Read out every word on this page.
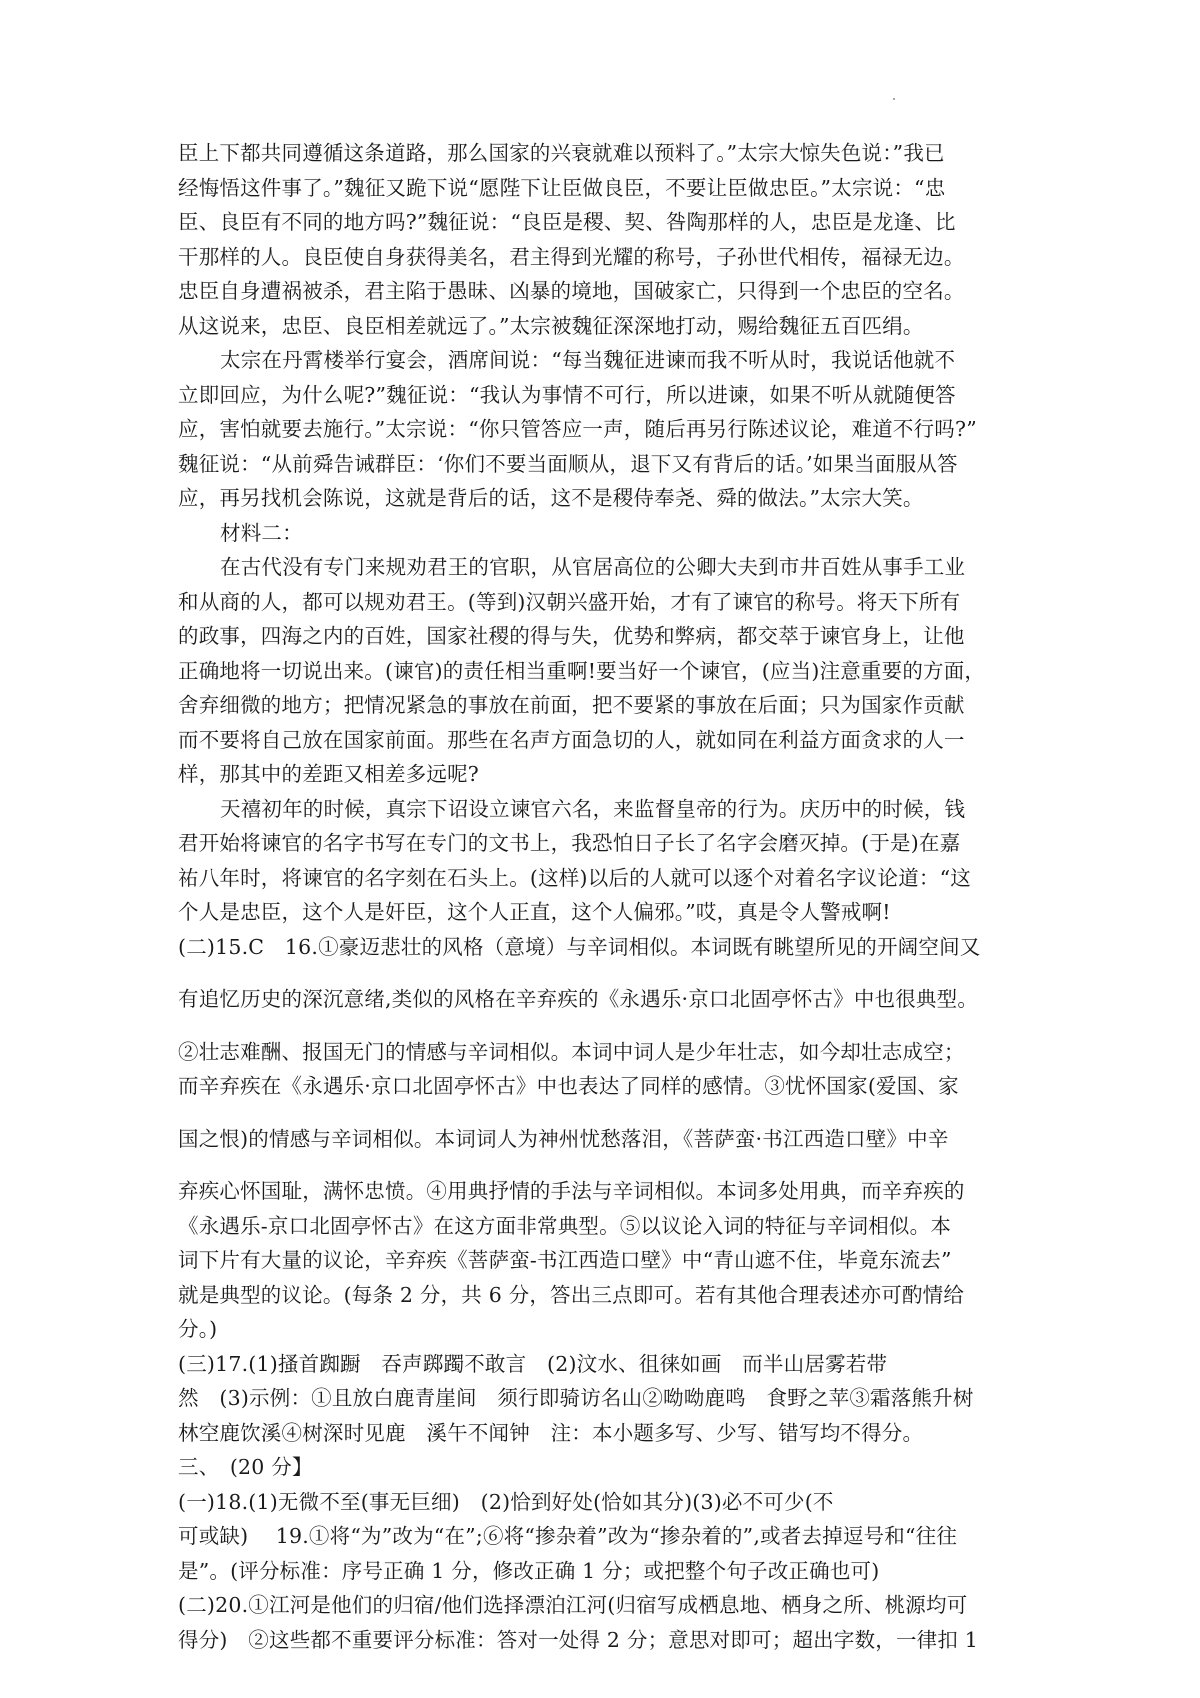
臣上下都共同遵循这条道路，那么国家的兴衰就难以预料了。”太宗大惊失色说：”我已
经悔悟这件事了。”魏征又跪下说“愿陛下让臣做良臣，不要让臣做忠臣。”太宗说：“忠
臣、良臣有不同的地方吗?”魏征说：“良臣是稷、契、咎陶那样的人，忠臣是龙逢、比
干那样的人。良臣使自身获得美名，君主得到光耀的称号，子孙世代相传，福禄无边。
忠臣自身遭祸被杀，君主陷于愚昧、凶暴的境地，国破家亡，只得到一个忠臣的空名。
从这说来，忠臣、良臣相差就远了。”太宗被魏征深深地打动，赐给魏征五百匹绢。
太宗在丹霄楼举行宴会，酒席间说：“每当魏征进谏而我不听从时，我说话他就不
立即回应，为什么呢?”魏征说：“我认为事情不可行，所以进谏，如果不听从就随便答
应，害怕就要去施行。”太宗说：“你只管答应一声，随后再另行陈述议论，难道不行吗?”
魏征说：“从前舜告诫群臣：‘你们不要当面顺从，退下又有背后的话。’如果当面服从答
应，再另找机会陈说，这就是背后的话，这不是稷侍奉尧、舜的做法。”太宗大笑。
材料二：
在古代没有专门来规劝君王的官职，从官居高位的公卿大夫到市井百姓从事手工业
和从商的人，都可以规劝君王。(等到)汉朝兴盛开始，才有了谏官的称号。将天下所有
的政事，四海之内的百姓，国家社稷的得与失，优势和弊病，都交萃于谏官身上，让他
正确地将一切说出来。(谏官)的责任相当重啊!要当好一个谏官，(应当)注意重要的方面，
舍弃细微的地方；把情况紧急的事放在前面，把不要紧的事放在后面；只为国家作贡献
而不要将自己放在国家前面。那些在名声方面急切的人，就如同在利益方面贪求的人一
样，那其中的差距又相差多远呢?
天禧初年的时候，真宗下诏设立谏官六名，来监督皇帝的行为。庆历中的时候，钱
君开始将谏官的名字书写在专门的文书上，我恐怕日子长了名字会磨灭掉。(于是)在嘉
祐八年时，将谏官的名字刻在石头上。(这样)以后的人就可以逐个对着名字议论道：“这
个人是忠臣，这个人是奸臣，这个人正直，这个人偏邪。”哎，真是令人警戒啊!
(二)15.C　16.①豪迈悲壮的风格（意境）与辛词相似。本词既有眺望所见的开阔空间又
有追忆历史的深沉意绪,类似的风格在辛弃疾的《永遇乐·京口北固亭怀古》中也很典型。
②壮志难酬、报国无门的情感与辛词相似。本词中词人是少年壮志，如今却壮志成空；
而辛弃疾在《永遇乐·京口北固亭怀古》中也表达了同样的感情。③忧怀国家(爱国、家
国之恨)的情感与辛词相似。本词词人为神州忧愁落泪，《菩萨蛮·书江西造口壁》中辛
弃疾心怀国耻，满怀忠愤。④用典抒情的手法与辛词相似。本词多处用典，而辛弃疾的
《永遇乐-京口北固亭怀古》在这方面非常典型。⑤以议论入词的特征与辛词相似。本
词下片有大量的议论，辛弃疾《菩萨蛮-书江西造口壁》中“青山遮不住，毕竟东流去”
就是典型的议论。(每条 2 分，共 6 分，答出三点即可。若有其他合理表述亦可酌情给
分。)
(三)17.(1)搔首踟蹰　吞声踯躅不敢言　(2)汶水、徂徕如画　而半山居雾若带
然　(3)示例：①且放白鹿青崖间　须行即骑访名山②呦呦鹿鸣　食野之苹③霜落熊升树
林空鹿饮溪④树深时见鹿　溪午不闻钟　注：本小题多写、少写、错写均不得分。
三、　(20 分】
(一)18.(1)无微不至(事无巨细)　(2)恰到好处(恰如其分)(3)必不可少(不
可或缺)　 19.①将“为”改为“在”;⑥将“掺杂着”改为“掺杂着的”,或者去掉逗号和“往往
是”。(评分标准：序号正确 1 分，修改正确 1 分；或把整个句子改正确也可)
(二)20.①江河是他们的归宿/他们选择漂泊江河(归宿写成栖息地、栖身之所、桃源均可
得分)　②这些都不重要评分标准：答对一处得 2 分；意思对即可；超出字数，一律扣 1
